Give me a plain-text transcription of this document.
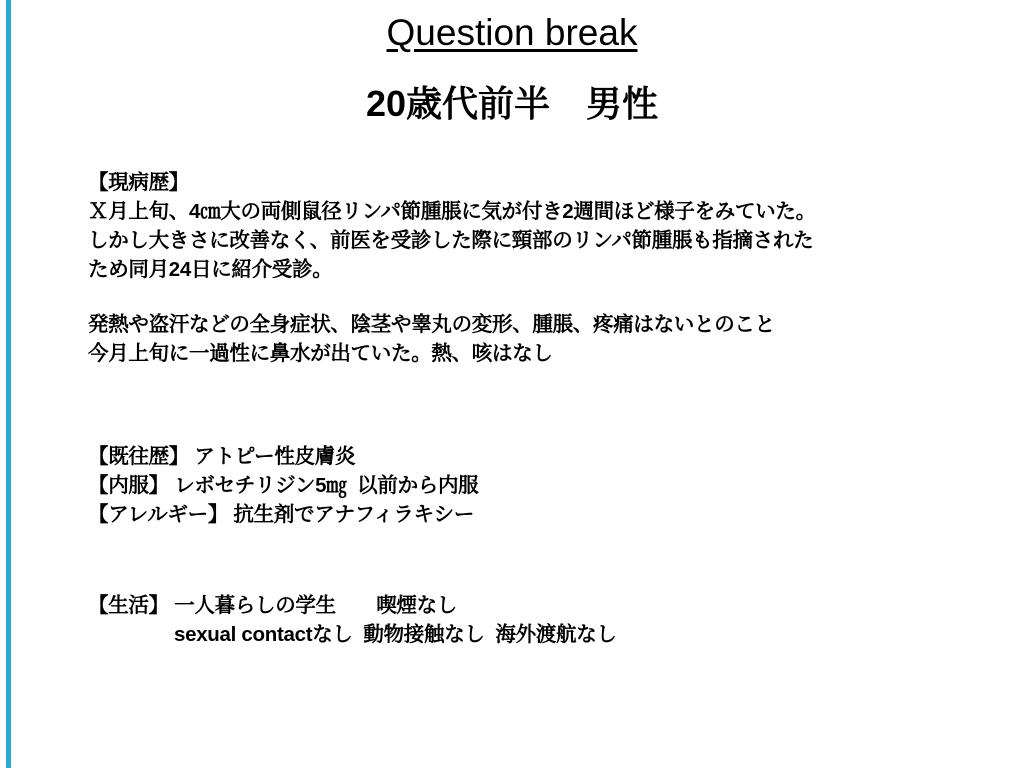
Question break
20歳代前半　男性
【現病歴】
Ｘ月上旬、4㎝大の両側鼠径リンパ節腫脹に気が付き2週間ほど様子をみていた。
しかし大きさに改善なく、前医を受診した際に頸部のリンパ節腫脹も指摘された
ため同月24日に紹介受診。
発熱や盗汗などの全身症状、陰茎や睾丸の変形、腫脹、疼痛はないとのこと
今月上旬に一過性に鼻水が出ていた。熱、咳はなし
【既往歴】 アトピー性皮膚炎
【内服】 レボセチリジン5㎎  以前から内服
【アレルギー】 抗生剤でアナフィラキシー
【生活】 一人暮らしの学生　　喫煙なし
sexual contactなし  動物接触なし  海外渡航なし
